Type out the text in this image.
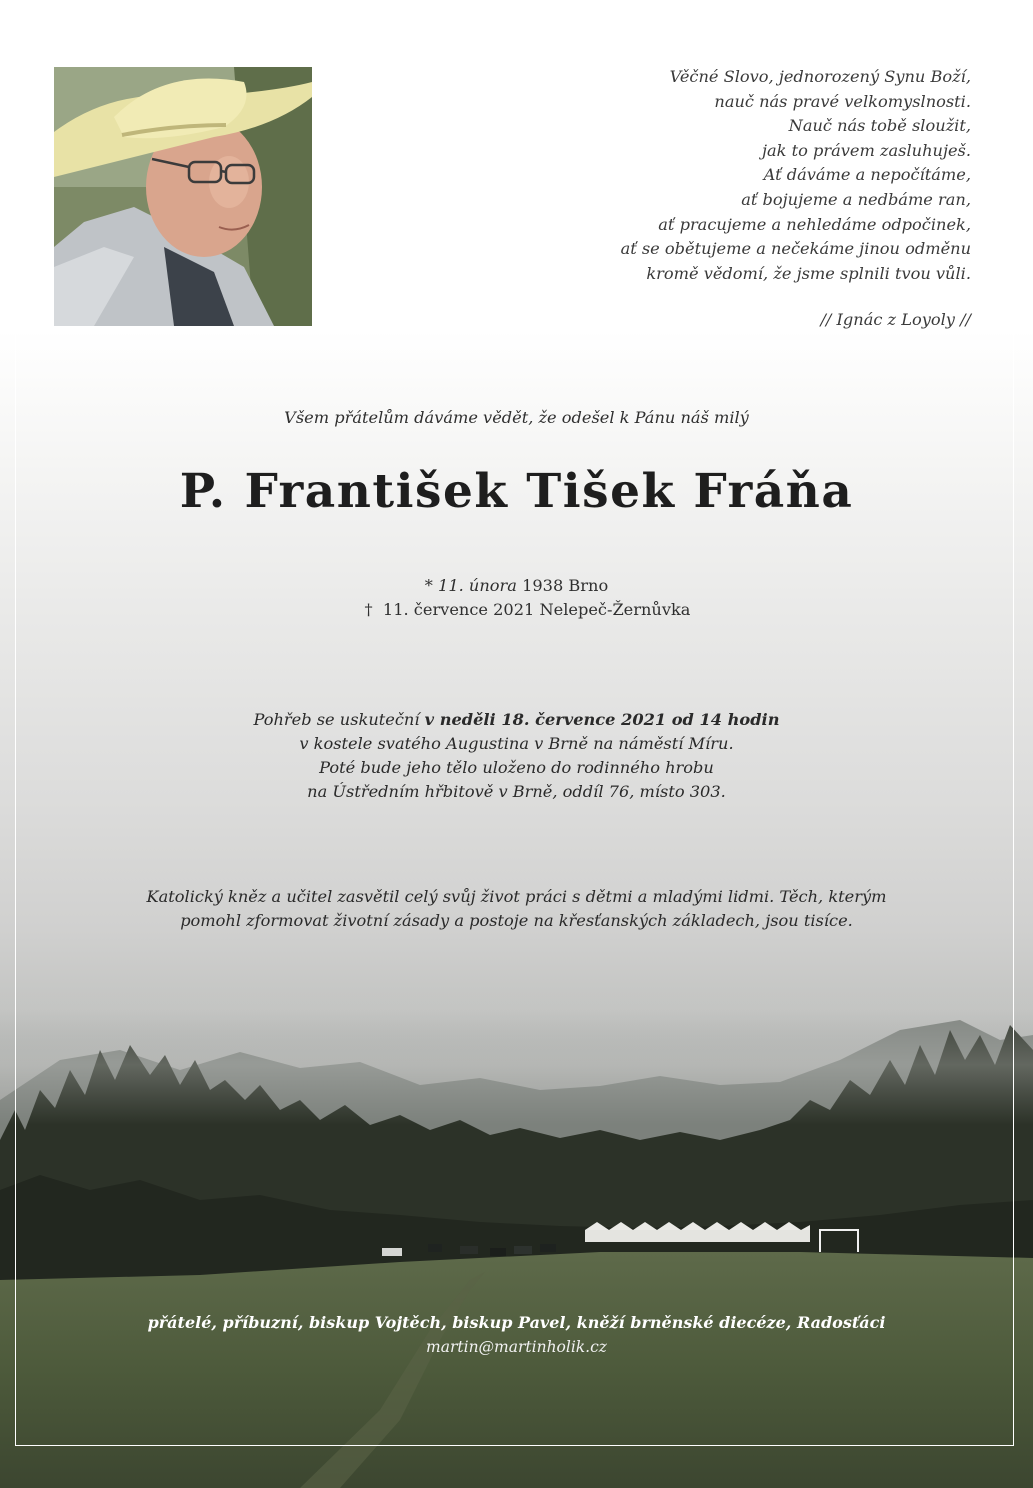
Věčné Slovo, jednorozený Synu Boží,
nauč nás pravé velkomyslnosti.
Nauč nás tobě sloužit,
jak to právem zasluhuješ.
Ať dáváme a nepočítáme,
ať bojujeme a nedbáme ran,
ať pracujeme a nehledáme odpočinek,
ať se obětujeme a nečekáme jinou odměnu
kromě vědomí, že jsme splnili tvou vůli.
// Ignác z Loyoly //
Všem přátelům dáváme vědět, že odešel k Pánu náš milý
P. František Tišek Fráňa
* 11. února 1938 Brno
† 11. července 2021 Nelepeč-Žernůvka
Pohřeb se uskuteční v neděli 18. července 2021 od 14 hodin
v kostele svatého Augustina v Brně na náměstí Míru.
Poté bude jeho tělo uloženo do rodinného hrobu
na Ústředním hřbitově v Brně, oddíl 76, místo 303.
Katolický kněz a učitel zasvětil celý svůj život práci s dětmi a mladými lidmi. Těch, kterým
pomohl zformovat životní zásady a postoje na křesťanských základech, jsou tisíce.
přátelé, příbuzní, biskup Vojtěch, biskup Pavel, kněží brněnské diecéze, Radosťáci
martin@martinholik.cz
